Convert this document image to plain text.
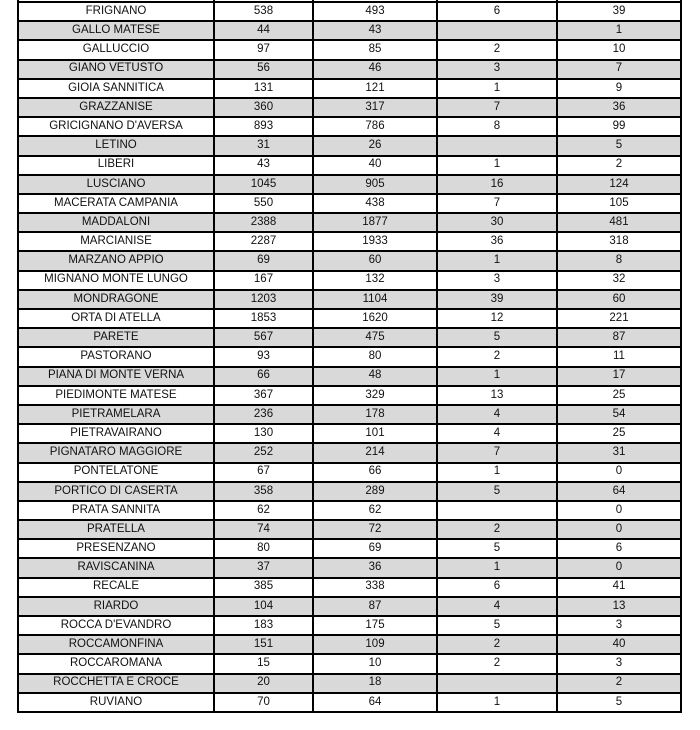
FRIGNANO	538	493	6	39
GALLO MATESE	44	43		1
GALLUCCIO	97	85	2	10
GIANO VETUSTO	56	46	3	7
GIOIA SANNITICA	131	121	1	9
GRAZZANISE	360	317	7	36
GRICIGNANO D'AVERSA	893	786	8	99
LETINO	31	26		5
LIBERI	43	40	1	2
LUSCIANO	1045	905	16	124
MACERATA CAMPANIA	550	438	7	105
MADDALONI	2388	1877	30	481
MARCIANISE	2287	1933	36	318
MARZANO APPIO	69	60	1	8
MIGNANO MONTE LUNGO	167	132	3	32
MONDRAGONE	1203	1104	39	60
ORTA DI ATELLA	1853	1620	12	221
PARETE	567	475	5	87
PASTORANO	93	80	2	11
PIANA DI MONTE VERNA	66	48	1	17
PIEDIMONTE MATESE	367	329	13	25
PIETRAMELARA	236	178	4	54
PIETRAVAIRANO	130	101	4	25
PIGNATARO MAGGIORE	252	214	7	31
PONTELATONE	67	66	1	0
PORTICO DI CASERTA	358	289	5	64
PRATA SANNITA	62	62		0
PRATELLA	74	72	2	0
PRESENZANO	80	69	5	6
RAVISCANINA	37	36	1	0
RECALE	385	338	6	41
RIARDO	104	87	4	13
ROCCA D'EVANDRO	183	175	5	3
ROCCAMONFINA	151	109	2	40
ROCCAROMANA	15	10	2	3
ROCCHETTA E CROCE	20	18		2
RUVIANO	70	64	1	5
